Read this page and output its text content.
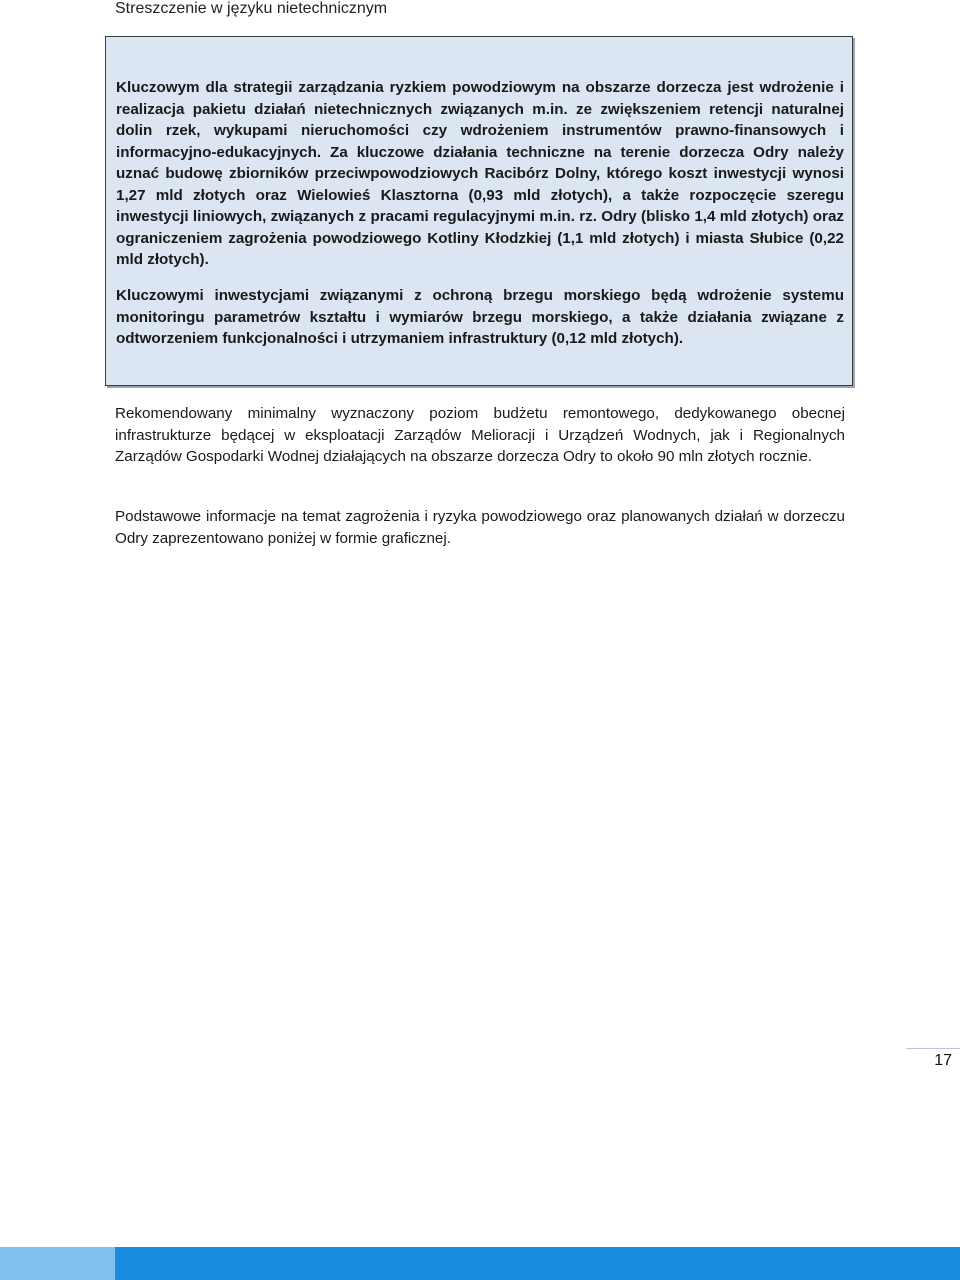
Streszczenie w języku nietechnicznym

Kluczowym dla strategii zarządzania ryzkiem powodziowym na obszarze dorzecza jest wdrożenie i realizacja pakietu działań nietechnicznych związanych m.in. ze zwiększeniem retencji naturalnej dolin rzek, wykupami nieruchomości czy wdrożeniem instrumentów prawno-finansowych i informacyjno-edukacyjnych. Za kluczowe działania techniczne na terenie dorzecza Odry należy uznać budowę zbiorników przeciwpowodziowych Racibórz Dolny, którego koszt inwestycji wynosi 1,27 mld złotych oraz Wielowieś Klasztorna (0,93 mld złotych), a także rozpoczęcie szeregu inwestycji liniowych, związanych z pracami regulacyjnymi m.in. rz. Odry (blisko 1,4 mld złotych) oraz ograniczeniem zagrożenia powodziowego Kotliny Kłodzkiej (1,1 mld złotych) i miasta Słubice (0,22 mld złotych).

Kluczowymi inwestycjami związanymi z ochroną brzegu morskiego będą wdrożenie systemu monitoringu parametrów kształtu i wymiarów brzegu morskiego, a także działania związane z odtworzeniem funkcjonalności i utrzymaniem infrastruktury (0,12 mld złotych).

Rekomendowany minimalny wyznaczony poziom budżetu remontowego, dedykowanego obecnej infrastrukturze będącej w eksploatacji Zarządów Melioracji i Urządzeń Wodnych, jak i Regionalnych Zarządów Gospodarki Wodnej działających na obszarze dorzecza Odry to około 90 mln złotych rocznie.

Podstawowe informacje na temat zagrożenia i ryzyka powodziowego oraz planowanych działań w dorzeczu Odry zaprezentowano poniżej w formie graficznej.

17
